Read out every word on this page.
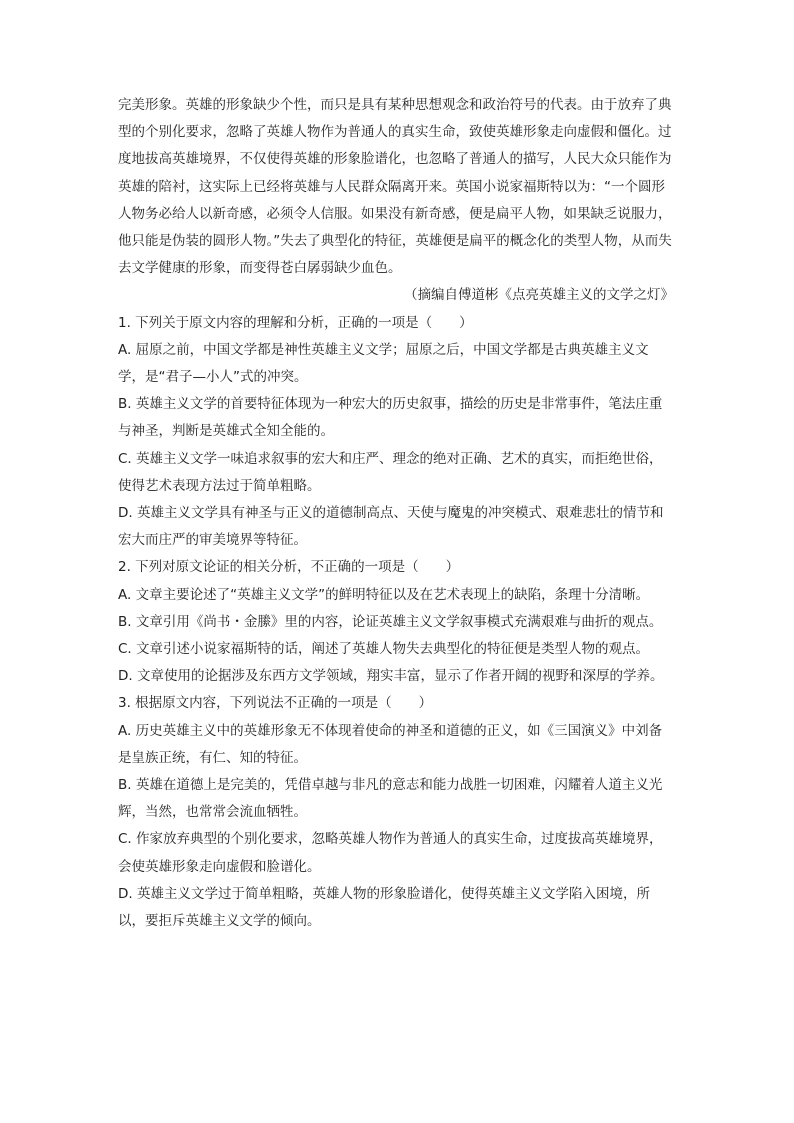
完美形象。英雄的形象缺少个性，而只是具有某种思想观念和政治符号的代表。由于放弃了典型的个别化要求，忽略了英雄人物作为普通人的真实生命，致使英雄形象走向虚假和僵化。过度地拔高英雄境界，不仅使得英雄的形象脸谱化，也忽略了普通人的描写，人民大众只能作为英雄的陪衬，这实际上已经将英雄与人民群众隔离开来。英国小说家福斯特以为：“一个圆形人物务必给人以新奇感，必须令人信服。如果没有新奇感，便是扁平人物，如果缺乏说服力，他只能是伪装的圆形人物。”失去了典型化的特征，英雄便是扁平的概念化的类型人物，从而失去文学健康的形象，而变得苍白孱弱缺少血色。

（摘编自傅道彬《点亮英雄主义的文学之灯》

1. 下列关于原文内容的理解和分析，正确的一项是（　　）

A. 屈原之前，中国文学都是神性英雄主义文学；屈原之后，中国文学都是古典英雄主义文学，是“君子—小人”式的冲突。

B. 英雄主义文学的首要特征体现为一种宏大的历史叙事，描绘的历史是非常事件，笔法庄重与神圣，判断是英雄式全知全能的。

C. 英雄主义文学一味追求叙事的宏大和庄严、理念的绝对正确、艺术的真实，而拒绝世俗，使得艺术表现方法过于简单粗略。

D. 英雄主义文学具有神圣与正义的道德制高点、天使与魔鬼的冲突模式、艰难悲壮的情节和宏大而庄严的审美境界等特征。

2. 下列对原文论证的相关分析，不正确的一项是（　　）

A. 文章主要论述了“英雄主义文学”的鲜明特征以及在艺术表现上的缺陷，条理十分清晰。

B. 文章引用《尚书・金縢》里的内容，论证英雄主义文学叙事模式充满艰难与曲折的观点。

C. 文章引述小说家福斯特的话，阐述了英雄人物失去典型化的特征便是类型人物的观点。

D. 文章使用的论据涉及东西方文学领域，翔实丰富，显示了作者开阔的视野和深厚的学养。

3. 根据原文内容，下列说法不正确的一项是（　　）

A. 历史英雄主义中的英雄形象无不体现着使命的神圣和道德的正义，如《三国演义》中刘备是皇族正统，有仁、知的特征。

B. 英雄在道德上是完美的，凭借卓越与非凡的意志和能力战胜一切困难，闪耀着人道主义光辉，当然，也常常会流血牺牲。

C. 作家放弃典型的个别化要求，忽略英雄人物作为普通人的真实生命，过度拔高英雄境界，会使英雄形象走向虚假和脸谱化。

D. 英雄主义文学过于简单粗略，英雄人物的形象脸谱化，使得英雄主义文学陷入困境，所以，要拒斥英雄主义文学的倾向。
